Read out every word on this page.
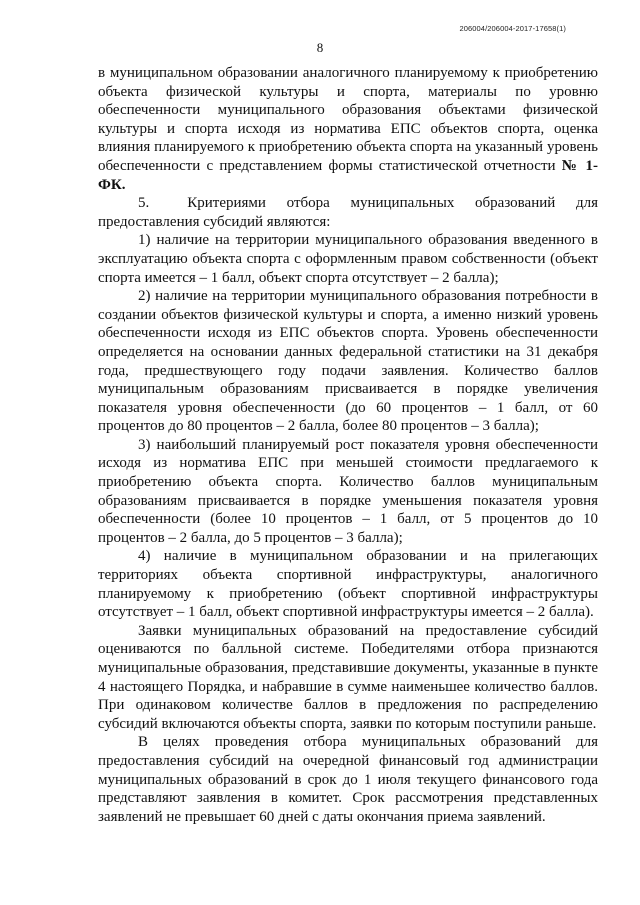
206004/206004-2017-17658(1)
8

в муниципальном образовании аналогичного планируемому к приобретению объекта физической культуры и спорта, материалы по уровню обеспеченности муниципального образования объектами физической культуры и спорта исходя из норматива ЕПС объектов спорта, оценка влияния планируемого к приобретению объекта спорта на указанный уровень обеспеченности с представлением формы статистической отчетности № 1-ФК.

5.	Критериями отбора муниципальных образований для предоставления субсидий являются:

1) наличие на территории муниципального образования введенного в эксплуатацию объекта спорта с оформленным правом собственности (объект спорта имеется – 1 балл, объект спорта отсутствует – 2 балла);

2) наличие на территории муниципального образования потребности в создании объектов физической культуры и спорта, а именно низкий уровень обеспеченности исходя из ЕПС объектов спорта. Уровень обеспеченности определяется на основании данных федеральной статистики на 31 декабря года, предшествующего году подачи заявления. Количество баллов муниципальным образованиям присваивается в порядке увеличения показателя уровня обеспеченности (до 60 процентов – 1 балл, от 60 процентов до 80 процентов – 2 балла, более 80 процентов – 3 балла);

3) наибольший планируемый рост показателя уровня обеспеченности исходя из норматива ЕПС при меньшей стоимости предлагаемого к приобретению объекта спорта. Количество баллов муниципальным образованиям присваивается в порядке уменьшения показателя уровня обеспеченности (более 10 процентов – 1 балл, от 5 процентов до 10 процентов – 2 балла, до 5 процентов – 3 балла);

4) наличие в муниципальном образовании и на прилегающих территориях объекта спортивной инфраструктуры, аналогичного планируемому к приобретению (объект спортивной инфраструктуры отсутствует – 1 балл, объект спортивной инфраструктуры имеется – 2 балла).

Заявки муниципальных образований на предоставление субсидий оцениваются по балльной системе. Победителями отбора признаются муниципальные образования, представившие документы, указанные в пункте 4 настоящего Порядка, и набравшие в сумме наименьшее количество баллов. При одинаковом количестве баллов в предложения по распределению субсидий включаются объекты спорта, заявки по которым поступили раньше.

В целях проведения отбора муниципальных образований для предоставления субсидий на очередной финансовый год администрации муниципальных образований в срок до 1 июля текущего финансового года представляют заявления в комитет. Срок рассмотрения представленных заявлений не превышает 60 дней с даты окончания приема заявлений.
